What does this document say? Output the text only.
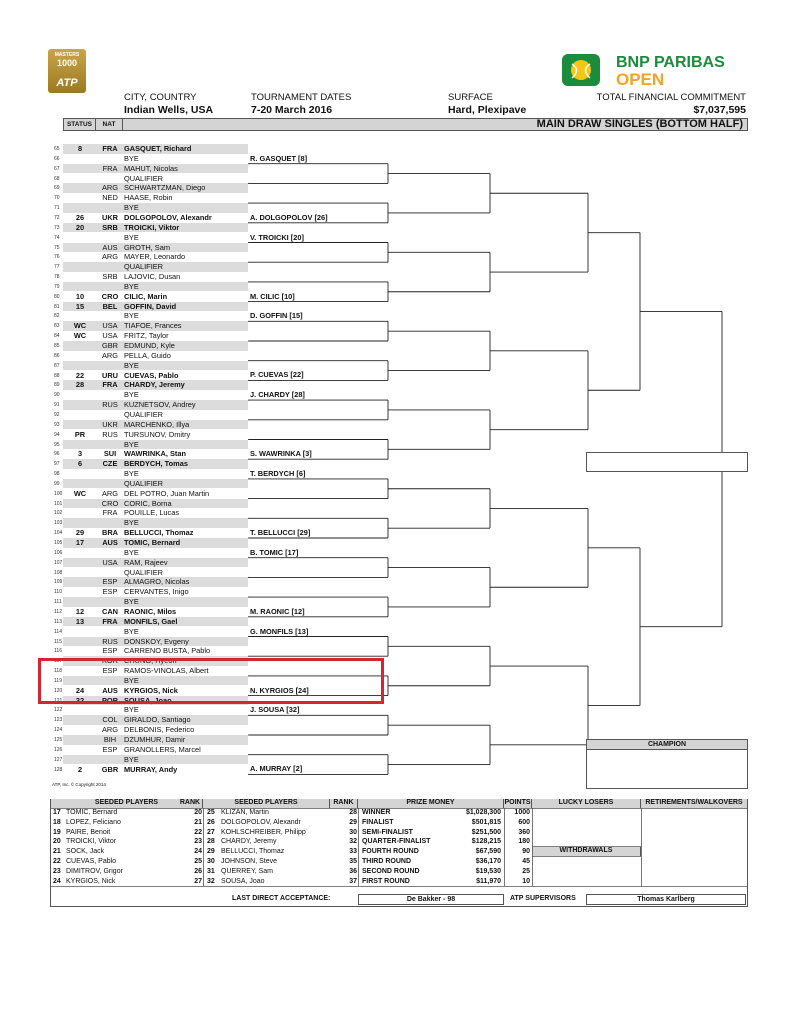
MASTERS
1000
ATP
BNP PARIBAS
OPEN
CITY, COUNTRY
Indian Wells, USA
TOURNAMENT DATES
7-20 March 2016
SURFACE
Hard, Plexipave
TOTAL FINANCIAL COMMITMENT
$7,037,595
STATUS	NAT	MAIN DRAW SINGLES (BOTTOM HALF)
65	8	FRA GASQUET, Richard
66	BYE
67	FRA MAHUT, Nicolas
68	QUALIFIER
69	ARG SCHWARTZMAN, Diego
70	NED HAASE, Robin
71	BYE
72	26	UKR DOLGOPOLOV, Alexandr
73	20	SRB TROICKI, Viktor
74	BYE
75	AUS GROTH, Sam
76	ARG MAYER, Leonardo
77	QUALIFIER
78	SRB LAJOVIC, Dusan
79	BYE
80	10	CRO CILIC, Marin
81	15	BEL GOFFIN, David
82	BYE
83	WC	USA TIAFOE, Frances
84	WC	USA FRITZ, Taylor
85	GBR EDMUND, Kyle
86	ARG PELLA, Guido
87	BYE
88	22	URU CUEVAS, Pablo
89	28	FRA CHARDY, Jeremy
90	BYE
91	RUS KUZNETSOV, Andrey
92	QUALIFIER
93	UKR MARCHENKO, Illya
94	PR	RUS TURSUNOV, Dmitry
95	BYE
96	3	SUI	WAWRINKA, Stan
97	6	CZE BERDYCH, Tomas
98	BYE
99	QUALIFIER
100	WC	ARG DEL POTRO, Juan Martin
101	CRO CORIC, Borna
102	FRA POUILLE, Lucas
103	BYE
104	29	BRA BELLUCCI, Thomaz
105	17	AUS TOMIC, Bernard
106	BYE
107	USA RAM, Rajeev
108	QUALIFIER
109	ESP ALMAGRO, Nicolas
110	ESP CERVANTES, Inigo
111	BYE
112	12	CAN RAONIC, Milos
113	13	FRA MONFILS, Gael
114	BYE
115	RUS DONSKOY, Evgeny
116	ESP CARRENO BUSTA, Pablo
117	KOR CHUNG, Hyeon
118	ESP RAMOS-VINOLAS, Albert
119	BYE
120	24	AUS KYRGIOS, Nick
121	32	POR SOUSA, Joao
122	BYE
123	COL GIRALDO, Santiago
124	ARG DELBONIS, Federico
125	BIH	DZUMHUR, Damir
126	ESP GRANOLLERS, Marcel
127	BYE
128	2	GBR MURRAY, Andy
R. GASQUET [8]
A. DOLGOPOLOV [26]
V. TROICKI [20]
M. CILIC [10]
D. GOFFIN [15]
P. CUEVAS [22]
J. CHARDY [28]
S. WAWRINKA [3]
T. BERDYCH [6]
T. BELLUCCI [29]
B. TOMIC [17]
M. RAONIC [12]
G. MONFILS [13]
N. KYRGIOS [24]
J. SOUSA [32]
A. MURRAY [2]
CHAMPION
ATP, Inc. © Copyright 2014
SEEDED PLAYERS	RANK	SEEDED PLAYERS	RANK	PRIZE MONEY	POINTS	LUCKY LOSERS	RETIREMENTS/WALKOVERS
WITHDRAWALS
17 TOMIC, Bernard	20 25 KLIZAN, Martin	28 WINNER	$1,028,300	1000
18 LOPEZ, Feliciano	21 26 DOLGOPOLOV, Alexandr	29 FINALIST	$501,815	600
19 PAIRE, Benoit	22 27 KOHLSCHREIBER, Philipp	30 SEMI-FINALIST	$251,500	360
20 TROICKI, Viktor	23 28 CHARDY, Jeremy	32 QUARTER-FINALIST	$128,215	180
21 SOCK, Jack	24 29 BELLUCCI, Thomaz	33 FOURTH ROUND	$67,590	90
22 CUEVAS, Pablo	25 30 JOHNSON, Steve	35 THIRD ROUND	$36,170	45
23 DIMITROV, Grigor	26 31 QUERREY, Sam	36 SECOND ROUND	$19,530	25
24 KYRGIOS, Nick	27 32 SOUSA, Joao	37 FIRST ROUND	$11,970	10
LAST DIRECT ACCEPTANCE:	De Bakker - 98	ATP SUPERVISORS	Thomas Karlberg
